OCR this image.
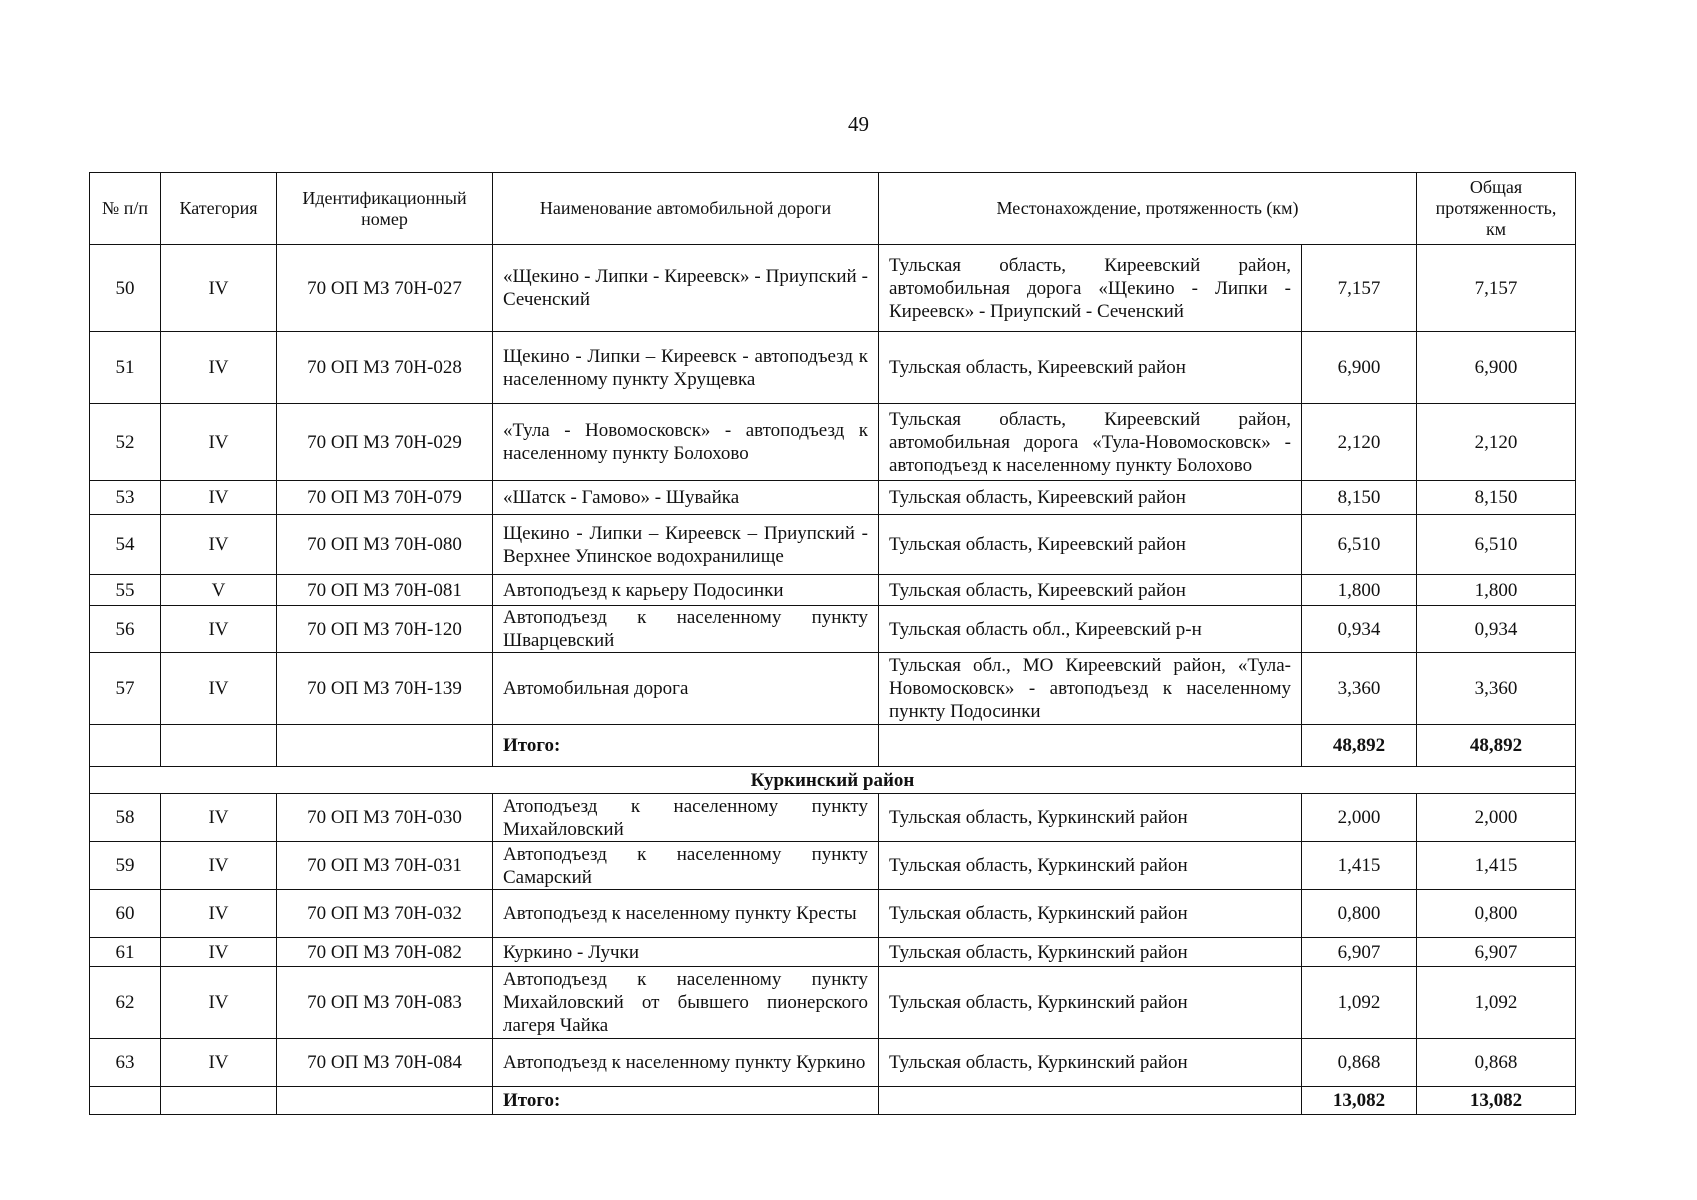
49
№ п/п	Категория	Идентификационный номер	Наименование автомобильной дороги	Местонахождение, протяженность (км)		Общая протяженность, км
50	IV	70 ОП МЗ 70Н-027	«Щекино - Липки - Киреевск» - Приупский - Сеченский	Тульская область, Киреевский район, автомобильная дорога «Щекино - Липки - Киреевск» - Приупский - Сеченский	7,157	7,157
51	IV	70 ОП МЗ 70Н-028	Щекино - Липки – Киреевск - автоподъезд к населенному пункту Хрущевка	Тульская область, Киреевский район	6,900	6,900
52	IV	70 ОП МЗ 70Н-029	«Тула - Новомосковск» - автоподъезд к населенному пункту Болохово	Тульская область, Киреевский район, автомобильная дорога «Тула-Новомосковск» - автоподъезд к населенному пункту Болохово	2,120	2,120
53	IV	70 ОП МЗ 70Н-079	«Шатск - Гамово» - Шувайка	Тульская область, Киреевский район	8,150	8,150
54	IV	70 ОП МЗ 70Н-080	Щекино - Липки – Киреевск – Приупский - Верхнее Упинское водохранилище	Тульская область, Киреевский район	6,510	6,510
55	V	70 ОП МЗ 70Н-081	Автоподъезд к карьеру Подосинки	Тульская область, Киреевский район	1,800	1,800
56	IV	70 ОП МЗ 70Н-120	Автоподъезд к населенному пункту Шварцевский	Тульская область обл., Киреевский р-н	0,934	0,934
57	IV	70 ОП МЗ 70Н-139	Автомобильная дорога	Тульская обл., МО Киреевский район, «Тула-Новомосковск» - автоподъезд к населенному пункту Подосинки	3,360	3,360
			Итого:		48,892	48,892
Куркинский район						
58	IV	70 ОП МЗ 70Н-030	Атоподъезд к населенному пункту Михайловский	Тульская область, Куркинский район	2,000	2,000
59	IV	70 ОП МЗ 70Н-031	Автоподъезд к населенному пункту Самарский	Тульская область, Куркинский район	1,415	1,415
60	IV	70 ОП МЗ 70Н-032	Автоподъезд к населенному пункту Кресты	Тульская область, Куркинский район	0,800	0,800
61	IV	70 ОП МЗ 70Н-082	Куркино - Лучки	Тульская область, Куркинский район	6,907	6,907
62	IV	70 ОП МЗ 70Н-083	Автоподъезд к населенному пункту Михайловский от бывшего пионерского лагеря Чайка	Тульская область, Куркинский район	1,092	1,092
63	IV	70 ОП МЗ 70Н-084	Автоподъезд к населенному пункту Куркино	Тульская область, Куркинский район	0,868	0,868
			Итого:		13,082	13,082
